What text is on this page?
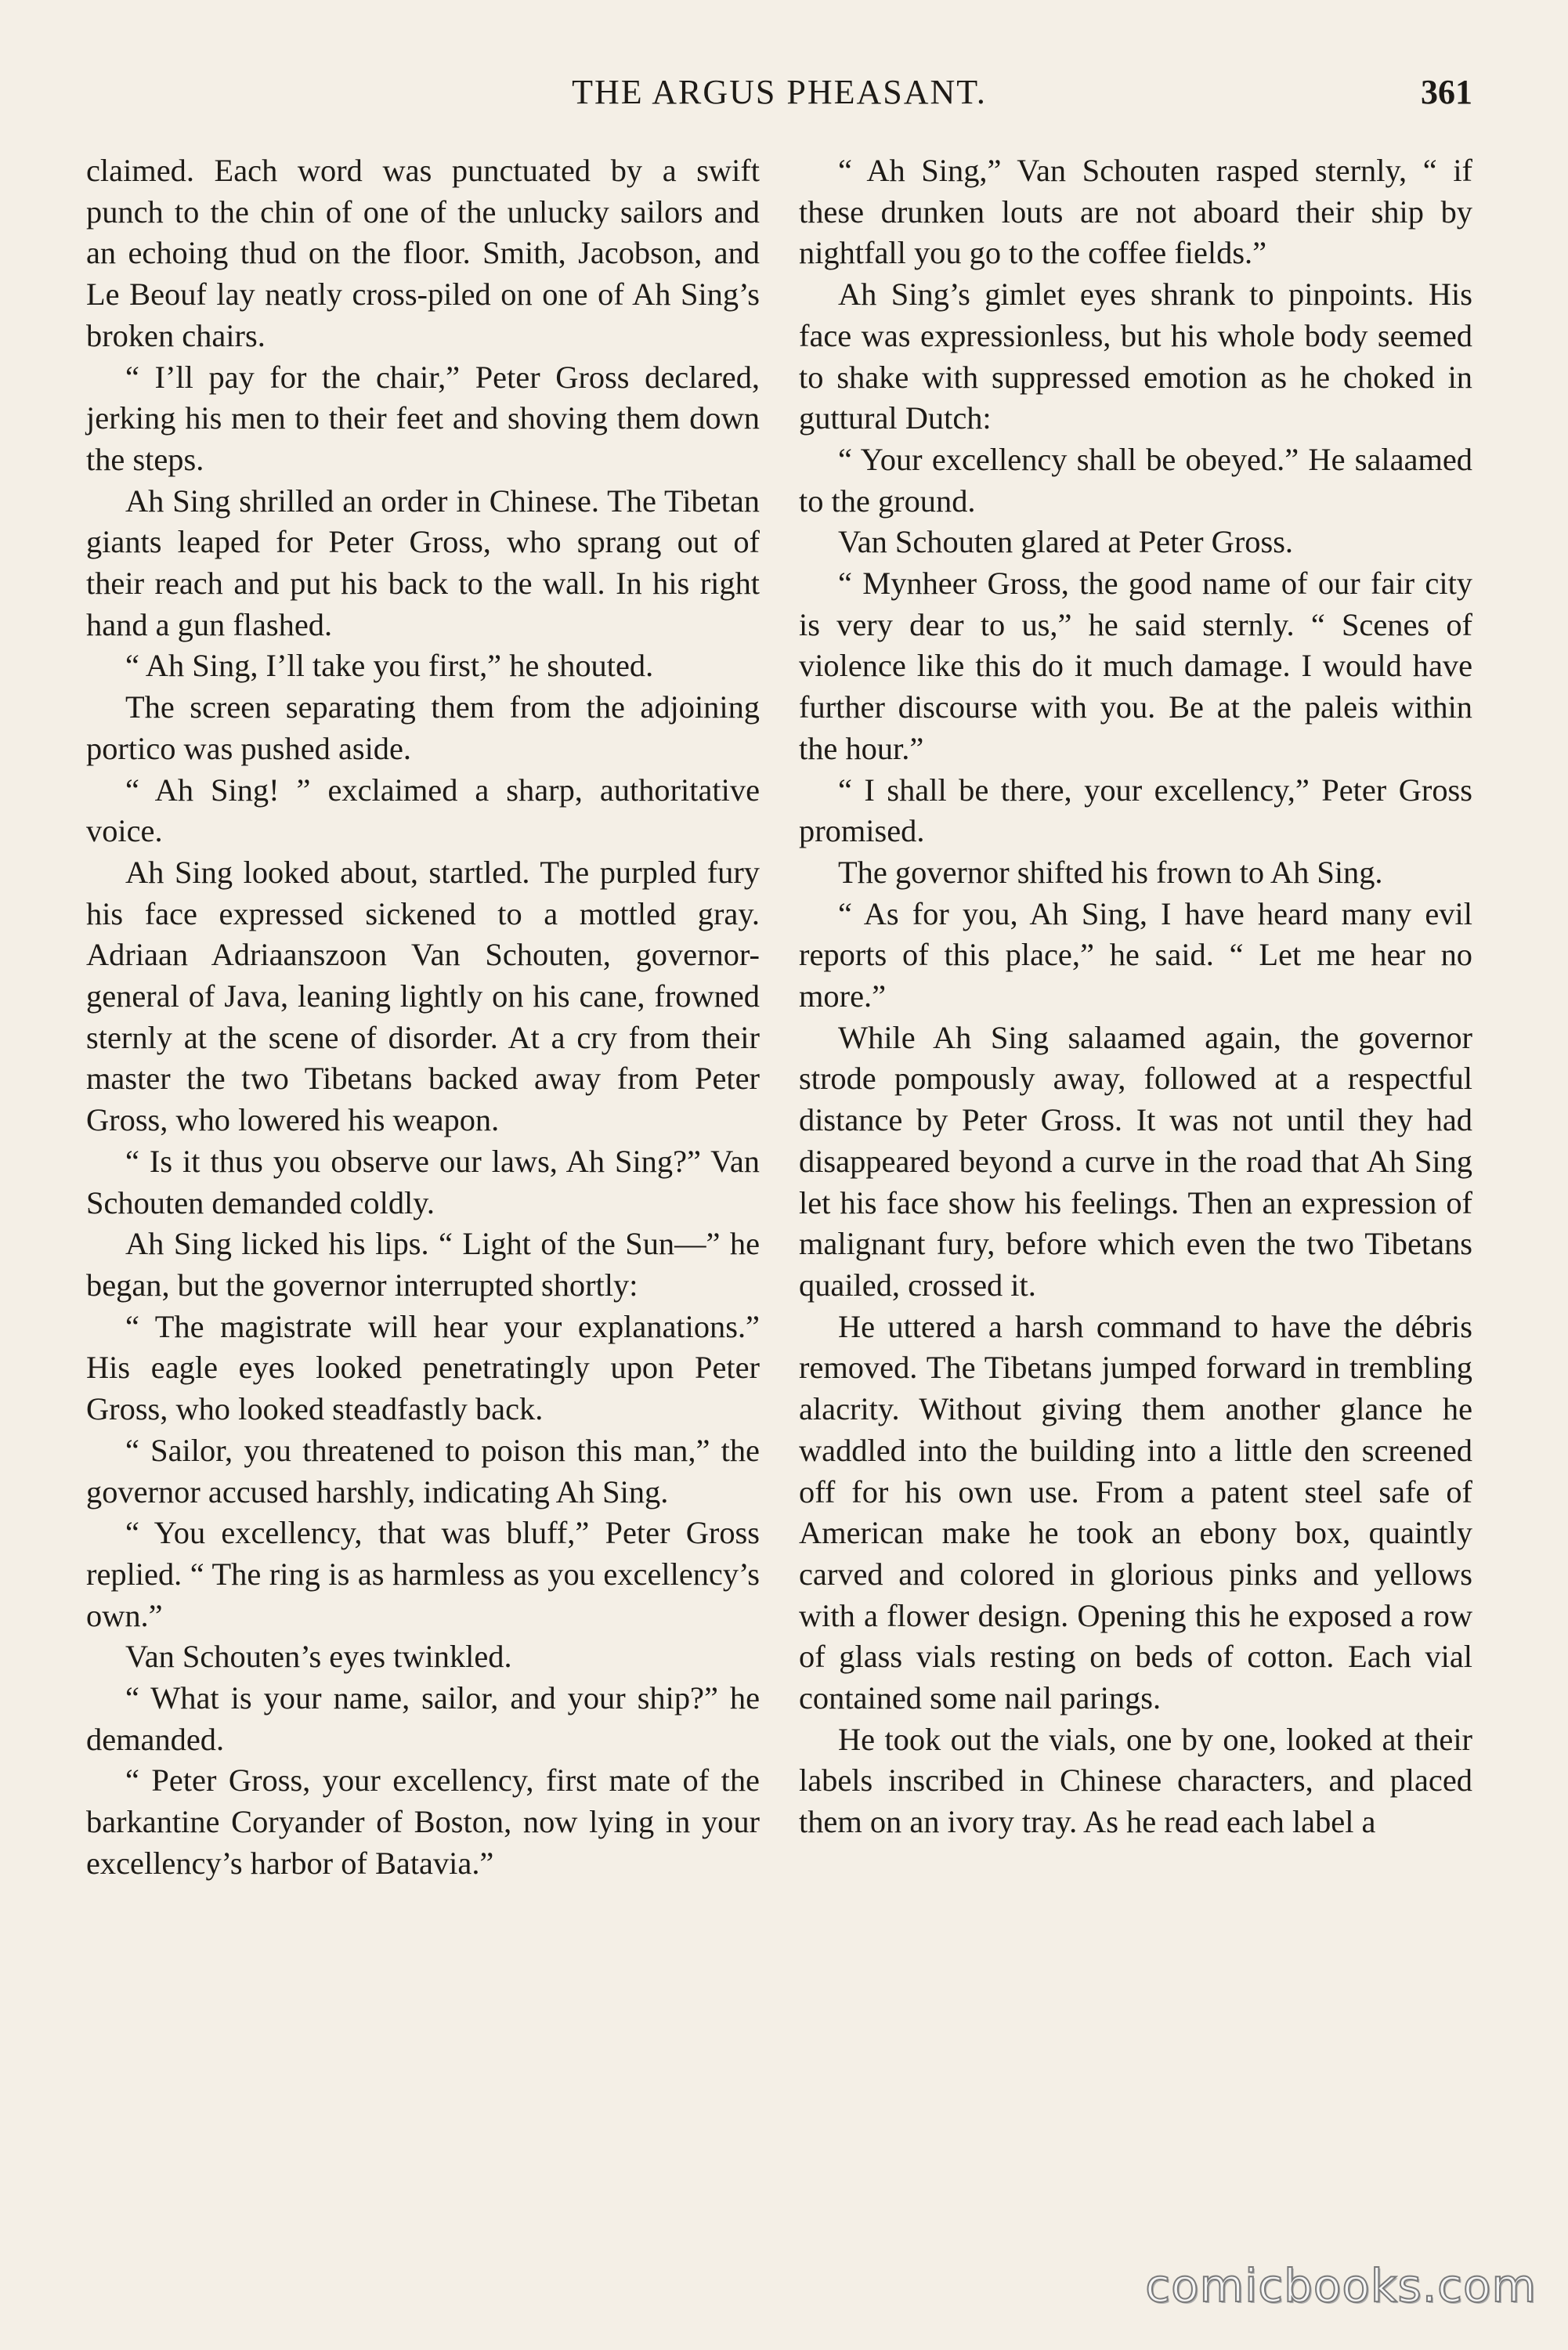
THE ARGUS PHEASANT.	361

claimed. Each word was punctuated by a swift punch to the chin of one of the unlucky sailors and an echoing thud on the floor. Smith, Jacobson, and Le Beouf lay neatly cross-piled on one of Ah Sing’s broken chairs.

“ I’ll pay for the chair,” Peter Gross declared, jerking his men to their feet and shoving them down the steps.

Ah Sing shrilled an order in Chinese. The Tibetan giants leaped for Peter Gross, who sprang out of their reach and put his back to the wall. In his right hand a gun flashed.

“ Ah Sing, I’ll take you first,” he shouted.

The screen separating them from the adjoining portico was pushed aside.

“ Ah Sing! ” exclaimed a sharp, authoritative voice.

Ah Sing looked about, startled. The purpled fury his face expressed sickened to a mottled gray. Adriaan Adriaanszoon Van Schouten, governor-general of Java, leaning lightly on his cane, frowned sternly at the scene of disorder. At a cry from their master the two Tibetans backed away from Peter Gross, who lowered his weapon.

“ Is it thus you observe our laws, Ah Sing?” Van Schouten demanded coldly.

Ah Sing licked his lips. “ Light of the Sun—” he began, but the governor interrupted shortly:

“ The magistrate will hear your explanations.” His eagle eyes looked penetratingly upon Peter Gross, who looked steadfastly back.

“ Sailor, you threatened to poison this man,” the governor accused harshly, indicating Ah Sing.

“ You excellency, that was bluff,” Peter Gross replied. “ The ring is as harmless as you excellency’s own.”

Van Schouten’s eyes twinkled.

“ What is your name, sailor, and your ship?” he demanded.

“ Peter Gross, your excellency, first mate of the barkantine Coryander of Boston, now lying in your excellency’s harbor of Batavia.”

“ Ah Sing,” Van Schouten rasped sternly, “ if these drunken louts are not aboard their ship by nightfall you go to the coffee fields.”

Ah Sing’s gimlet eyes shrank to pinpoints. His face was expressionless, but his whole body seemed to shake with suppressed emotion as he choked in guttural Dutch:

“ Your excellency shall be obeyed.” He salaamed to the ground.

Van Schouten glared at Peter Gross.

“ Mynheer Gross, the good name of our fair city is very dear to us,” he said sternly. “ Scenes of violence like this do it much damage. I would have further discourse with you. Be at the paleis within the hour.”

“ I shall be there, your excellency,” Peter Gross promised.

The governor shifted his frown to Ah Sing.

“ As for you, Ah Sing, I have heard many evil reports of this place,” he said. “ Let me hear no more.”

While Ah Sing salaamed again, the governor strode pompously away, followed at a respectful distance by Peter Gross. It was not until they had disappeared beyond a curve in the road that Ah Sing let his face show his feelings. Then an expression of malignant fury, before which even the two Tibetans quailed, crossed it.

He uttered a harsh command to have the débris removed. The Tibetans jumped forward in trembling alacrity. Without giving them another glance he waddled into the building into a little den screened off for his own use. From a patent steel safe of American make he took an ebony box, quaintly carved and colored in glorious pinks and yellows with a flower design. Opening this he exposed a row of glass vials resting on beds of cotton. Each vial contained some nail parings.

He took out the vials, one by one, looked at their labels inscribed in Chinese characters, and placed them on an ivory tray. As he read each label a

comicbooks.com
